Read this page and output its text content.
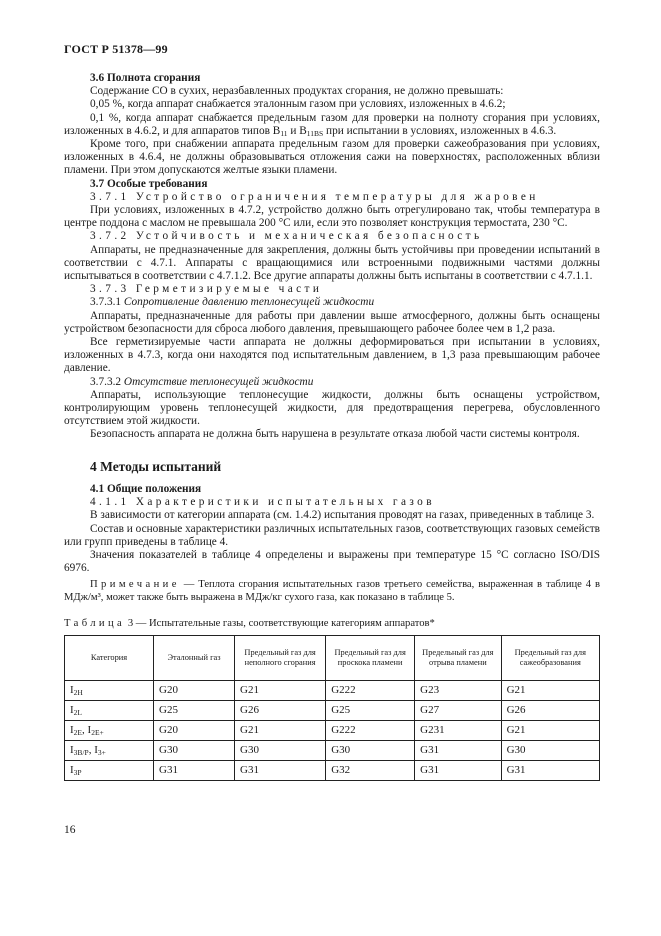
ГОСТ Р 51378—99

3.6 Полнота сгорания

Содержание CO в сухих, неразбавленных продуктах сгорания, не должно превышать:

0,05 %, когда аппарат снабжается эталонным газом при условиях, изложенных в 4.6.2;

0,1 %, когда аппарат снабжается предельным газом для проверки на полноту сгорания при условиях, изложенных в 4.6.2, и для аппаратов типов $B_{11}$ и $B_{11BS}$ при испытании в условиях, изложенных в 4.6.3.

Кроме того, при снабжении аппарата предельным газом для проверки сажеобразования при условиях, изложенных в 4.6.4, не должны образовываться отложения сажи на поверхностях, расположенных вблизи пламени. При этом допускаются желтые языки пламени.

3.7 Особые требования

3.7.1 Устройство ограничения температуры для жаровен

При условиях, изложенных в 4.7.2, устройство должно быть отрегулировано так, чтобы температура в центре поддона с маслом не превышала 200 °C или, если это позволяет конструкция термостата, 230 °C.

3.7.2 Устойчивость и механическая безопасность

Аппараты, не предназначенные для закрепления, должны быть устойчивы при проведении испытаний в соответствии с 4.7.1. Аппараты с вращающимися или встроенными подвижными частями должны испытываться в соответствии с 4.7.1.2. Все другие аппараты должны быть испытаны в соответствии с 4.7.1.1.

3.7.3 Герметизируемые части

3.7.3.1 Сопротивление давлению теплонесущей жидкости

Аппараты, предназначенные для работы при давлении выше атмосферного, должны быть оснащены устройством безопасности для сброса любого давления, превышающего рабочее более чем в 1,2 раза.

Все герметизируемые части аппарата не должны деформироваться при испытании в условиях, изложенных в 4.7.3, когда они находятся под испытательным давлением, в 1,3 раза превышающим рабочее давление.

3.7.3.2 Отсутствие теплонесущей жидкости

Аппараты, использующие теплонесущие жидкости, должны быть оснащены устройством, контролирующим уровень теплонесущей жидкости, для предотвращения перегрева, обусловленного отсутствием этой жидкости.

Безопасность аппарата не должна быть нарушена в результате отказа любой части системы контроля.

4 Методы испытаний

4.1 Общие положения

4.1.1 Характеристики испытательных газов

В зависимости от категории аппарата (см. 1.4.2) испытания проводят на газах, приведенных в таблице 3.

Состав и основные характеристики различных испытательных газов, соответствующих газовых семейств или групп приведены в таблице 4.

Значения показателей в таблице 4 определены и выражены при температуре 15 °C согласно ISO/DIS 6976.

Примечание — Теплота сгорания испытательных газов третьего семейства, выраженная в таблице 4 в МДж/м³, может также быть выражена в МДж/кг сухого газа, как показано в таблице 5.

Таблица 3 — Испытательные газы, соответствующие категориям аппаратов*
Категория	Эталонный газ	Предельный газ для неполного сгорания	Предельный газ для проскока пламени	Предельный газ для отрыва пламени	Предельный газ для сажеобразования
$I_{2H}$	G20	G21	G222	G23	G21
$I_{2L}$	G25	G26	G25	G27	G26
$I_{2E}$, $I_{2E+}$	G20	G21	G222	G231	G21
$I_{3B/P}$, $I_{3+}$	G30	G30	G30	G31	G30
$I_{3P}$	G31	G31	G32	G31	G31
16
